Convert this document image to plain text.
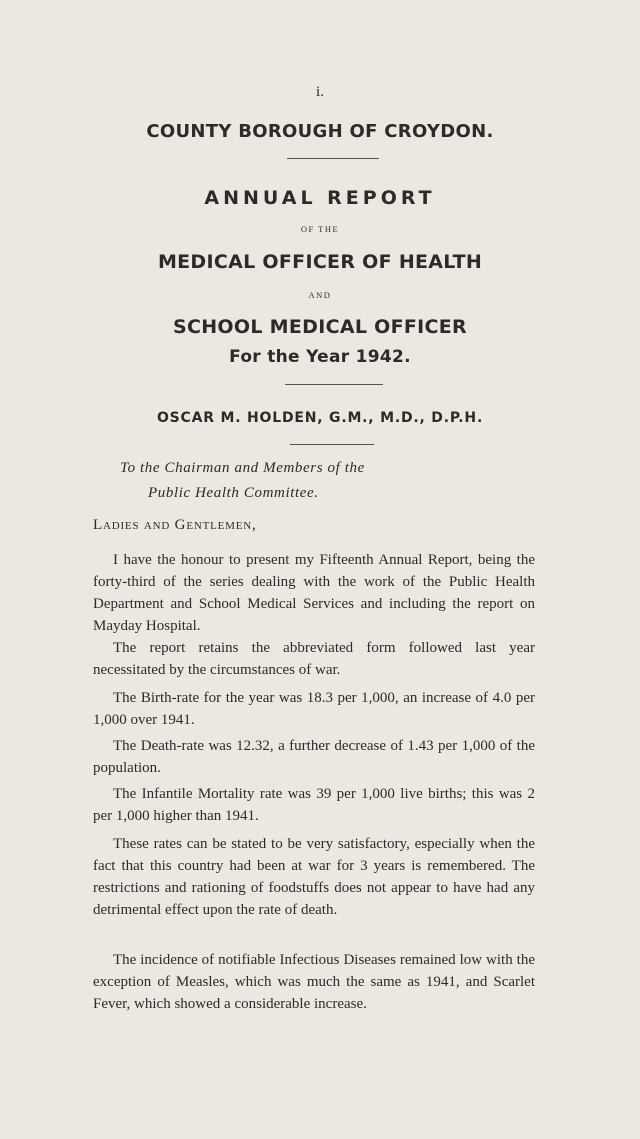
i.
COUNTY BOROUGH OF CROYDON.
ANNUAL REPORT
OF THE
MEDICAL OFFICER OF HEALTH
AND
SCHOOL MEDICAL OFFICER
For the Year 1942.
OSCAR M. HOLDEN, G.M., M.D., D.P.H.
To the Chairman and Members of the
Public Health Committee.
Ladies and Gentlemen,

I have the honour to present my Fifteenth Annual Report, being the forty-third of the series dealing with the work of the Public Health Department and School Medical Services and including the report on Mayday Hospital.

The report retains the abbreviated form followed last year necessitated by the circumstances of war.

The Birth-rate for the year was 18.3 per 1,000, an increase of 4.0 per 1,000 over 1941.

The Death-rate was 12.32, a further decrease of 1.43 per 1,000 of the population.

The Infantile Mortality rate was 39 per 1,000 live births; this was 2 per 1,000 higher than 1941.

These rates can be stated to be very satisfactory, especially when the fact that this country had been at war for 3 years is remembered. The restrictions and rationing of foodstuffs does not appear to have had any detrimental effect upon the rate of death.

The incidence of notifiable Infectious Diseases remained low with the exception of Measles, which was much the same as 1941, and Scarlet Fever, which showed a considerable increase.
